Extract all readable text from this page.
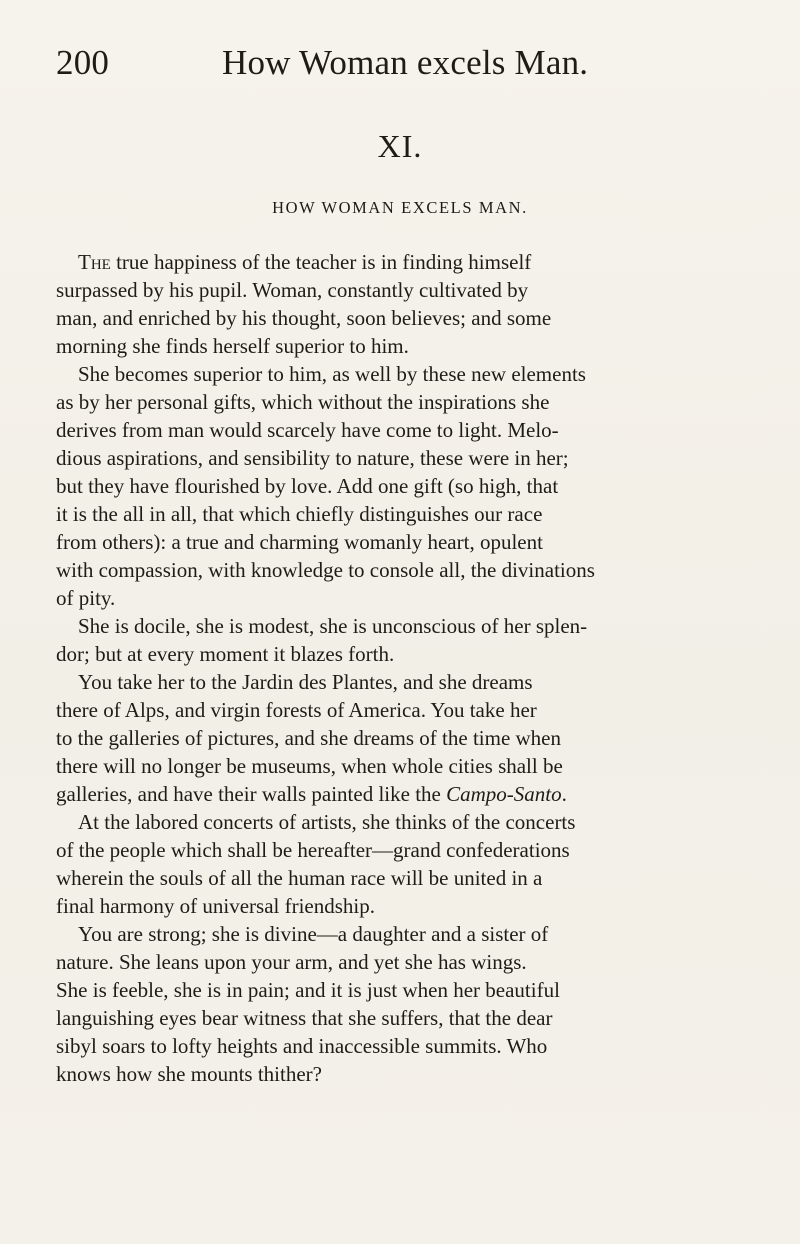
200	How Woman excels Man.
XI.
HOW WOMAN EXCELS MAN.
The true happiness of the teacher is in finding himself
surpassed by his pupil. Woman, constantly cultivated by
man, and enriched by his thought, soon believes; and some
morning she finds herself superior to him.
She becomes superior to him, as well by these new elements
as by her personal gifts, which without the inspirations she
derives from man would scarcely have come to light. Melo-
dious aspirations, and sensibility to nature, these were in her;
but they have flourished by love. Add one gift (so high, that
it is the all in all, that which chiefly distinguishes our race
from others): a true and charming womanly heart, opulent
with compassion, with knowledge to console all, the divinations
of pity.
She is docile, she is modest, she is unconscious of her splen-
dor; but at every moment it blazes forth.
You take her to the Jardin des Plantes, and she dreams
there of Alps, and virgin forests of America. You take her
to the galleries of pictures, and she dreams of the time when
there will no longer be museums, when whole cities shall be
galleries, and have their walls painted like the Campo-Santo.
At the labored concerts of artists, she thinks of the concerts
of the people which shall be hereafter—grand confederations
wherein the souls of all the human race will be united in a
final harmony of universal friendship.
You are strong; she is divine—a daughter and a sister of
nature. She leans upon your arm, and yet she has wings.
She is feeble, she is in pain; and it is just when her beautiful
languishing eyes bear witness that she suffers, that the dear
sibyl soars to lofty heights and inaccessible summits. Who
knows how she mounts thither?
